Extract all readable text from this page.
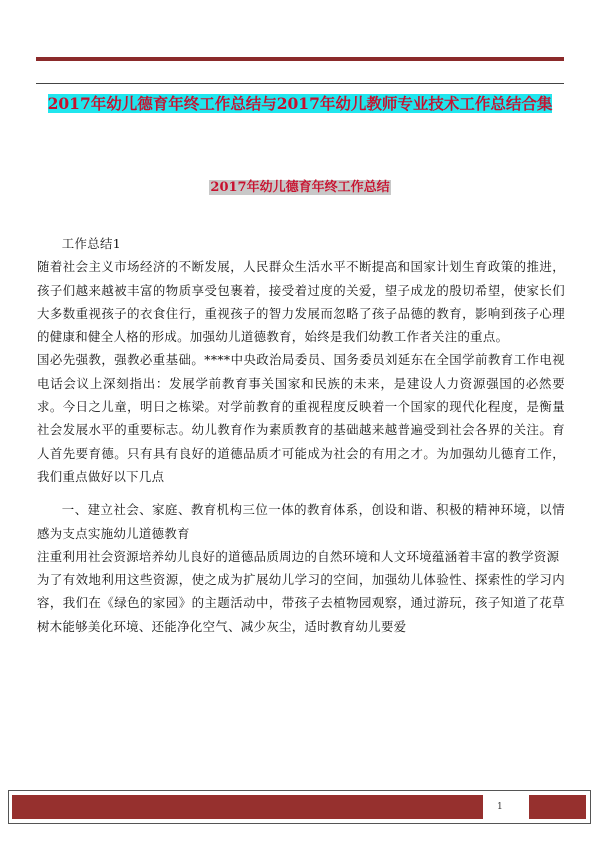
2017年幼儿德育年终工作总结与2017年幼儿教师专业技术工作总结合集
2017年幼儿德育年终工作总结

工作总结1

随着社会主义市场经济的不断发展，人民群众生活水平不断提高和国家计划生育政策的推进，孩子们越来越被丰富的物质享受包裹着，接受着过度的关爱，望子成龙的殷切希望，使家长们大多数重视孩子的衣食住行，重视孩子的智力发展而忽略了孩子品德的教育，影响到孩子心理的健康和健全人格的形成。加强幼儿道德教育，始终是我们幼教工作者关注的重点。

国必先强教，强教必重基础。****中央政治局委员、国务委员刘延东在全国学前教育工作电视电话会议上深刻指出：发展学前教育事关国家和民族的未来，是建设人力资源强国的必然要求。今日之儿童，明日之栋梁。对学前教育的重视程度反映着一个国家的现代化程度，是衡量社会发展水平的重要标志。幼儿教育作为素质教育的基础越来越普遍受到社会各界的关注。育人首先要育德。只有具有良好的道德品质才可能成为社会的有用之才。为加强幼儿德育工作，我们重点做好以下几点

一、建立社会、家庭、教育机构三位一体的教育体系，创设和谐、积极的精神环境，以情感为支点实施幼儿道德教育

注重利用社会资源培养幼儿良好的道德品质周边的自然环境和人文环境蕴涵着丰富的教学资源

为了有效地利用这些资源，使之成为扩展幼儿学习的空间，加强幼儿体验性、探索性的学习内容，我们在《绿色的家园》的主题活动中，带孩子去植物园观察，通过游玩，孩子知道了花草树木能够美化环境、还能净化空气、减少灰尘，适时教育幼儿要爱

1
